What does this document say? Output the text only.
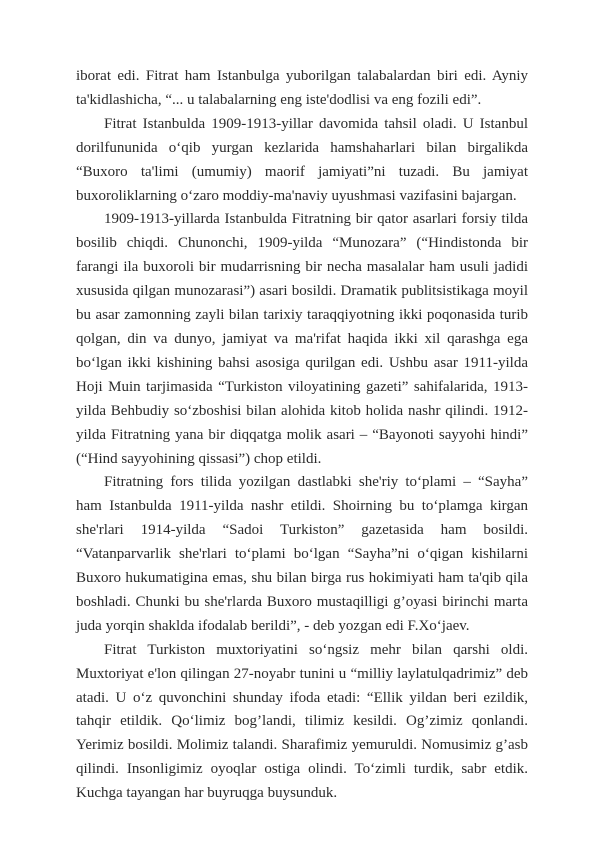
iborat edi. Fitrat ham Istanbulga yuborilgan talabalardan biri edi. Ayniy ta'kidlashicha, “... u talabalarning eng iste'dodlisi va eng fozili edi”.

Fitrat Istanbulda 1909-1913-yillar davomida tahsil oladi. U Istanbul dorilfununida o‘qib yurgan kezlarida hamshaharlari bilan birgalikda “Buxoro ta'limi (umumiy) maorif jamiyati”ni tuzadi. Bu jamiyat buxoroliklarning o‘zaro moddiy-ma'naviy uyushmasi vazifasini bajargan.

1909-1913-yillarda Istanbulda Fitratning bir qator asarlari forsiy tilda bosilib chiqdi. Chunonchi, 1909-yilda “Munozara” (“Hindistonda bir farangi ila buxoroli bir mudarrisning bir necha masalalar ham usuli jadidi xususida qilgan munozarasi”) asari bosildi. Dramatik publitsistikaga moyil bu asar zamonning zayli bilan tarixiy taraqqiyotning ikki poqonasida turib qolgan, din va dunyo, jamiyat va ma'rifat haqida ikki xil qarashga ega bo‘lgan ikki kishining bahsi asosiga qurilgan edi. Ushbu asar 1911-yilda Hoji Muin tarjimasida “Turkiston viloyatining gazeti” sahifalarida, 1913-yilda Behbudiy so‘zboshisi bilan alohida kitob holida nashr qilindi. 1912-yilda Fitratning yana bir diqqatga molik asari – “Bayonoti sayyohi hindi” (“Hind sayyohining qissasi”) chop etildi.

Fitratning fors tilida yozilgan dastlabki she'riy to‘plami – “Sayha” ham Istanbulda 1911-yilda nashr etildi. Shoirning bu to‘plamga kirgan she'rlari 1914-yilda “Sadoi Turkiston” gazetasida ham bosildi. “Vatanparvarlik she'rlari to‘plami bo‘lgan “Sayha”ni o‘qigan kishilarni Buxoro hukumatigina emas, shu bilan birga rus hokimiyati ham ta'qib qila boshladi. Chunki bu she'rlarda Buxoro mustaqilligi g’oyasi birinchi marta juda yorqin shaklda ifodalab berildi”, - deb yozgan edi F.Xo‘jaev.

Fitrat Turkiston muxtoriyatini so‘ngsiz mehr bilan qarshi oldi. Muxtoriyat e'lon qilingan 27-noyabr tunini u “milliy laylatulqadrimiz” deb atadi. U o‘z quvonchini shunday ifoda etadi: “Ellik yildan beri ezildik, tahqir etildik. Qo‘limiz bog’landi, tilimiz kesildi. Og’zimiz qonlandi. Yerimiz bosildi. Molimiz talandi. Sharafimiz yemuruldi. Nomusimiz g’asb qilindi. Insonligimiz oyoqlar ostiga olindi. To‘zimli turdik, sabr etdik. Kuchga tayangan har buyruqga buysunduk.
